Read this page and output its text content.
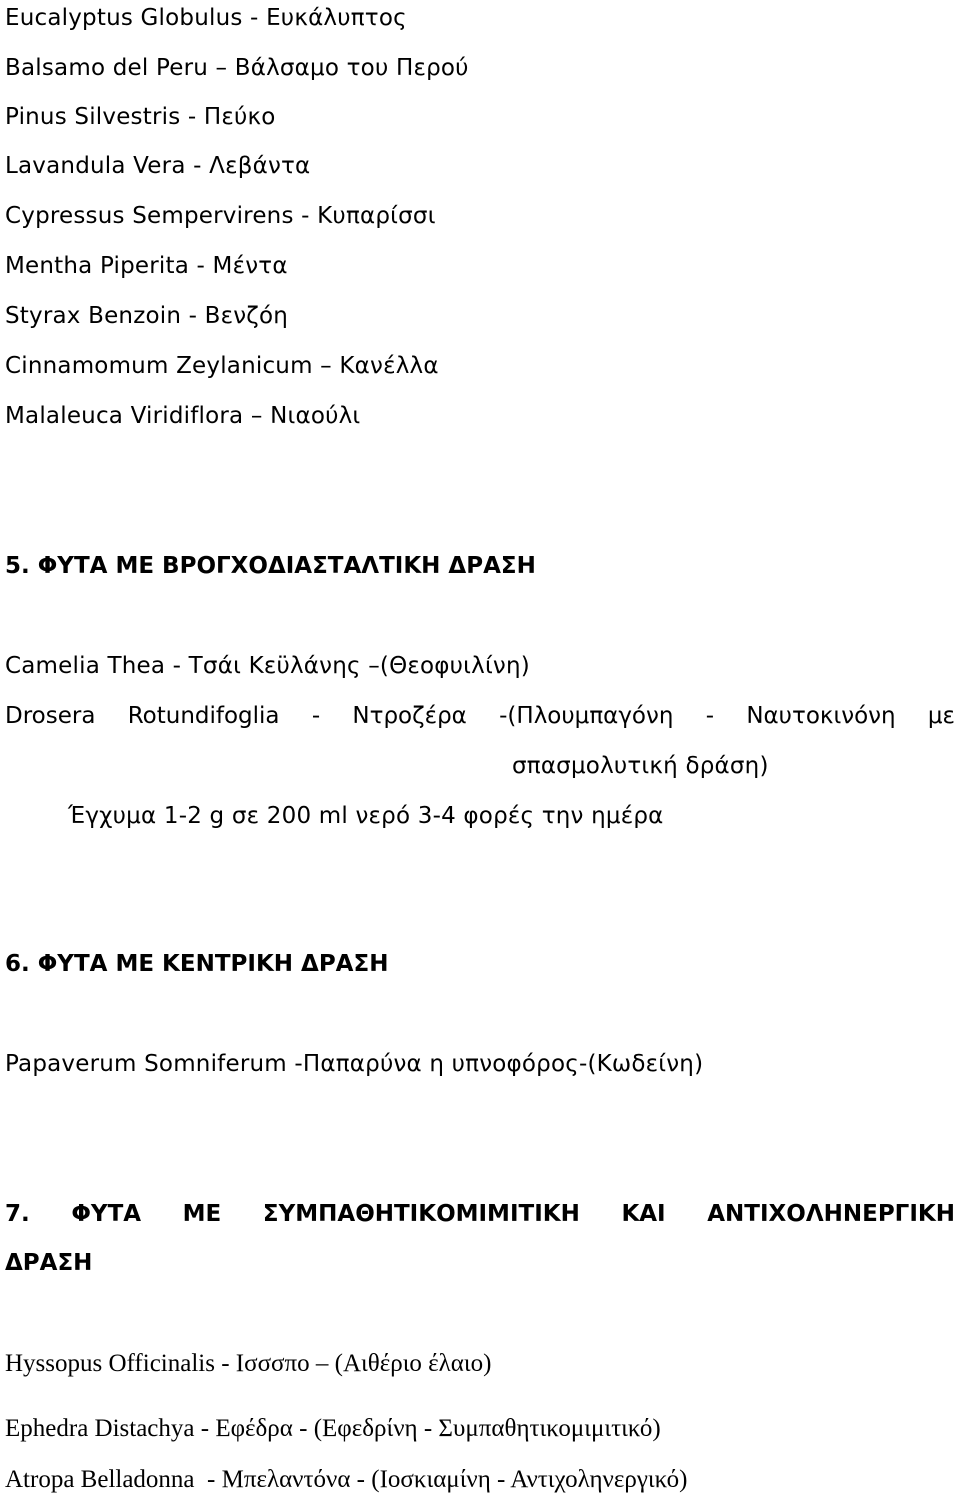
Eucalyptus Globulus - Ευκάλυπτος
Balsamo del Peru – Βάλσαμο του Περού
Pinus Silvestris - Πεύκο
Lavandula Vera - Λεβάντα
Cypressus Sempervirens - Κυπαρίσσι
Mentha Piperita - Μέντα
Styrax Benzoin - Βενζόη
Cinnamomum Zeylanicum – Κανέλλα
Malaleuca Viridiflora – Νιαούλι
5. ΦΥΤΑ ΜΕ ΒΡΟΓΧΟΔΙΑΣΤΑΛΤΙΚΗ ΔΡΑΣΗ
Camelia Thea - Τσάι Κεϋλάνης –(Θεοφυιλίνη)
Drosera Rotundifoglia - Ντροζέρα -(Πλουμπαγόνη - Ναυτοκινόνη με
σπασμολυτική δράση)
Έγχυμα 1-2 g σε 200 ml νερό 3-4 φορές την ημέρα
6. ΦΥΤΑ ΜΕ ΚΕΝΤΡΙΚΗ ΔΡΑΣΗ
Papaverum Somniferum -Παπαρύνα η υπνοφόρος-(Κωδείνη)
7. ΦΥΤΑ ΜΕ ΣΥΜΠΑΘΗΤΙΚΟΜΙΜΙΤΙΚΗ ΚΑΙ ΑΝΤΙΧΟΛΗΝΕΡΓΙΚΗ
ΔΡΑΣΗ
Hyssopus Officinalis - Ισσσπο – (Αιθέριο έλαιο)
Ephedra Distachya - Εφέδρα - (Εφεδρίνη - Συμπαθητικομιμιτικό)
Atropa Belladonna  - Μπελαντόνα - (Ιοσκιαμίνη - Αντιχοληνεργικό)
